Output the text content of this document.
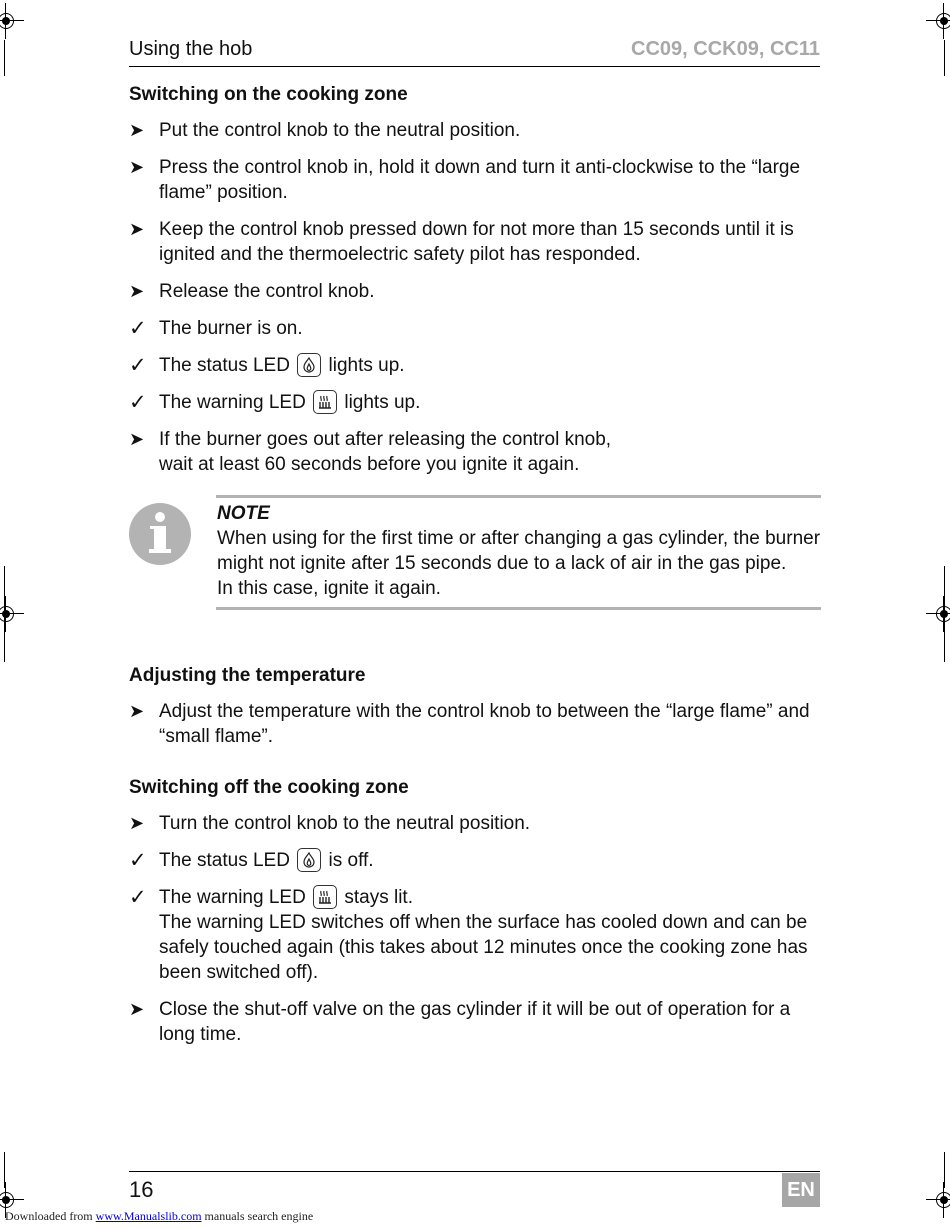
Using the hob	CC09, CCK09, CC11
Switching on the cooking zone
➤ Put the control knob to the neutral position.
➤ Press the control knob in, hold it down and turn it anti-clockwise to the “large flame” position.
➤ Keep the control knob pressed down for not more than 15 seconds until it is ignited and the thermoelectric safety pilot has responded.
➤ Release the control knob.
✓ The burner is on.
✓ The status LED lights up.
✓ The warning LED lights up.
➤ If the burner goes out after releasing the control knob,
wait at least 60 seconds before you ignite it again.
NOTE

When using for the first time or after changing a gas cylinder, the burner might not ignite after 15 seconds due to a lack of air in the gas pipe.

In this case, ignite it again.

Adjusting the temperature
➤ Adjust the temperature with the control knob to between the “large flame” and “small flame”.
Switching off the cooking zone
➤ Turn the control knob to the neutral position.
✓ The status LED is off.
✓ The warning LED stays lit.
The warning LED switches off when the surface has cooled down and can be safely touched again (this takes about 12 minutes once the cooking zone has been switched off).
➤ Close the shut-off valve on the gas cylinder if it will be out of operation for a long time.
16	EN
Downloaded from www.Manualslib.com manuals search engine
